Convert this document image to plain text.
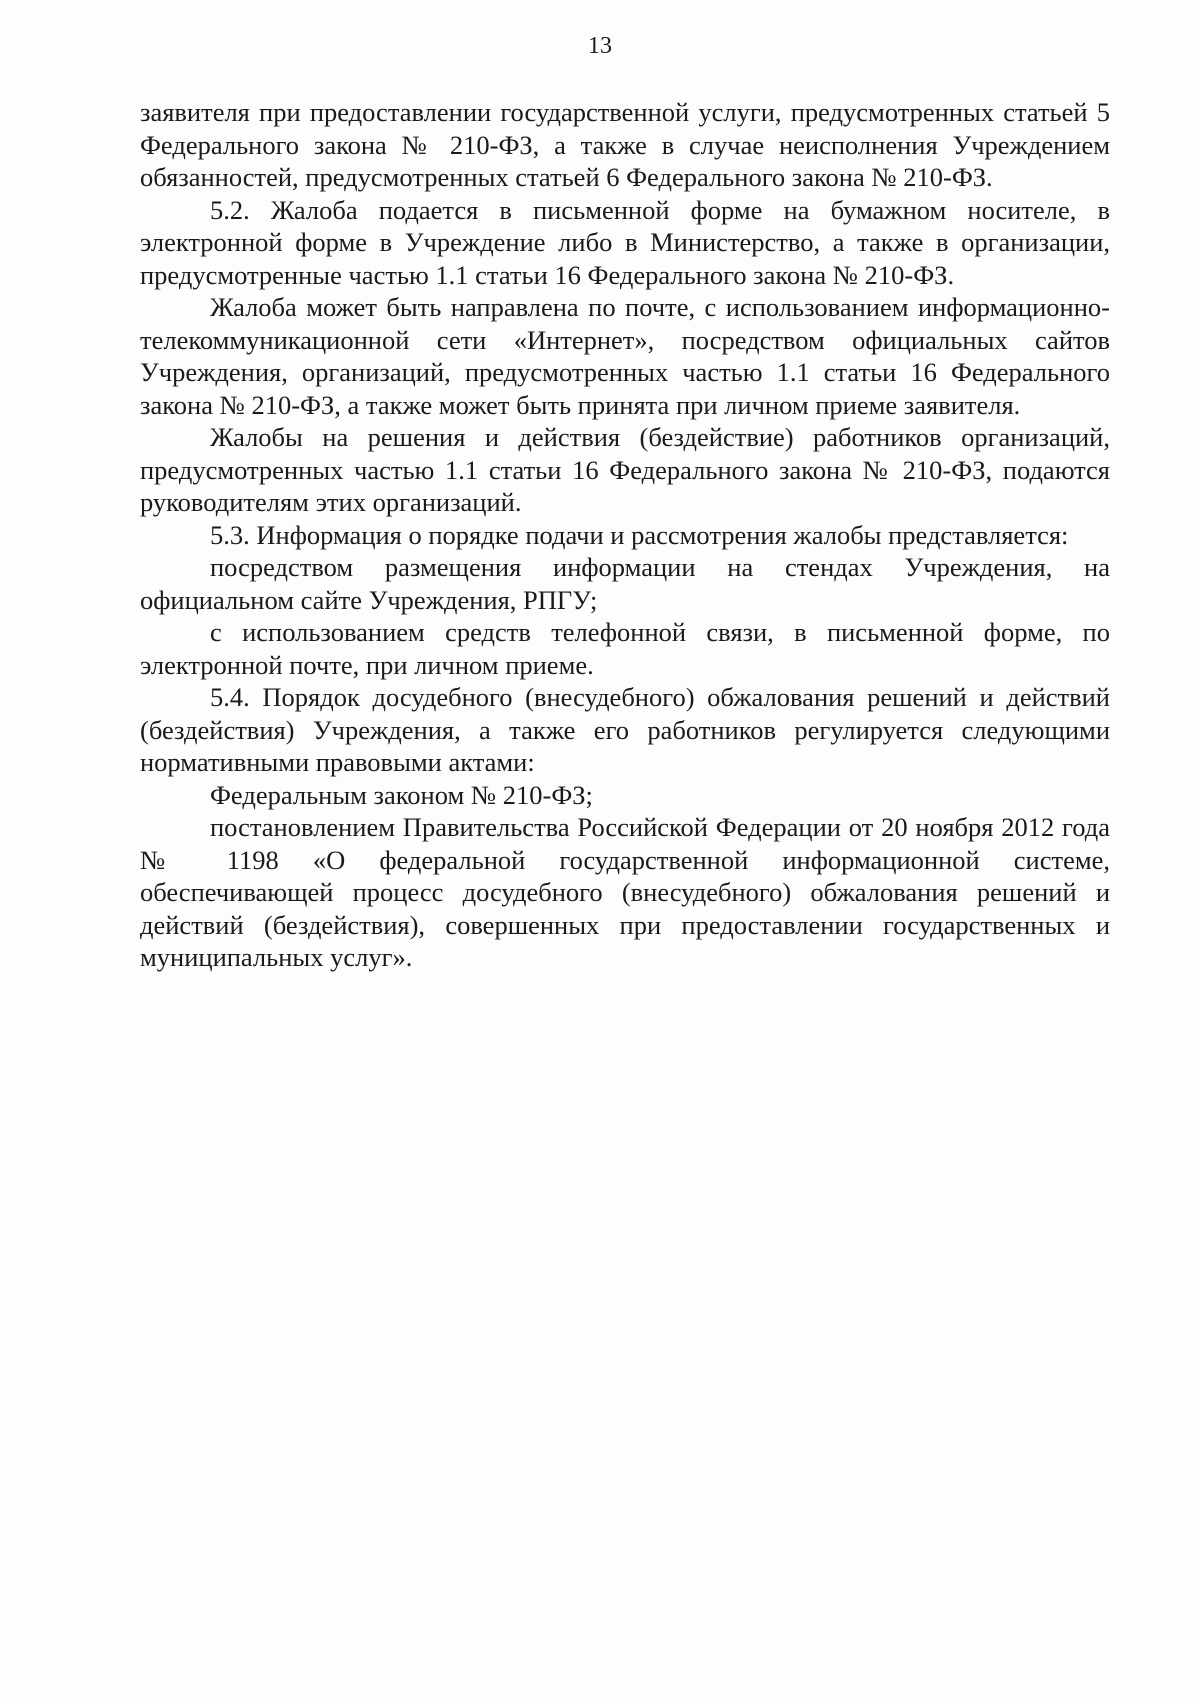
13

заявителя при предоставлении государственной услуги, предусмотренных статьей 5 Федерального закона № 210-ФЗ, а также в случае неисполнения Учреждением обязанностей, предусмотренных статьей 6 Федерального закона № 210-ФЗ.

5.2. Жалоба подается в письменной форме на бумажном носителе, в электронной форме в Учреждение либо в Министерство, а также в организации, предусмотренные частью 1.1 статьи 16 Федерального закона № 210-ФЗ.

Жалоба может быть направлена по почте, с использованием информационно-телекоммуникационной сети «Интернет», посредством официальных сайтов Учреждения, организаций, предусмотренных частью 1.1 статьи 16 Федерального закона № 210-ФЗ, а также может быть принята при личном приеме заявителя.

Жалобы на решения и действия (бездействие) работников организаций, предусмотренных частью 1.1 статьи 16 Федерального закона № 210-ФЗ, подаются руководителям этих организаций.

5.3. Информация о порядке подачи и рассмотрения жалобы представляется:

посредством размещения информации на стендах Учреждения, на официальном сайте Учреждения, РПГУ;

с использованием средств телефонной связи, в письменной форме, по электронной почте, при личном приеме.

5.4. Порядок досудебного (внесудебного) обжалования решений и действий (бездействия) Учреждения, а также его работников регулируется следующими нормативными правовыми актами:

Федеральным законом № 210-ФЗ;

постановлением Правительства Российской Федерации от 20 ноября 2012 года № 1198 «О федеральной государственной информационной системе, обеспечивающей процесс досудебного (внесудебного) обжалования решений и действий (бездействия), совершенных при предоставлении государственных и муниципальных услуг».
